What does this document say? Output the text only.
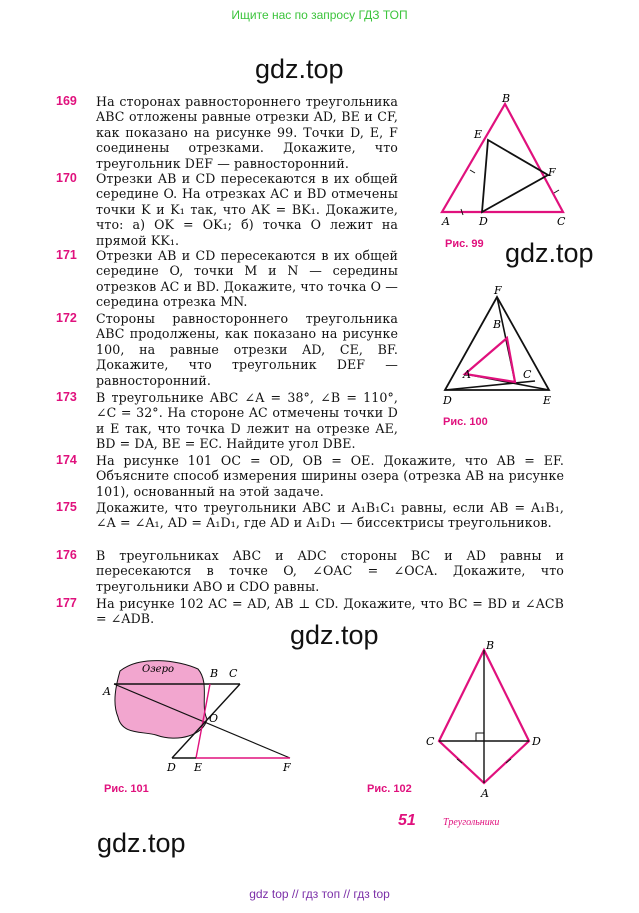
Ищите нас по запросу ГДЗ ТОП
gdz.top
gdz.top
gdz.top
gdz.top
169	На сторонах равностороннего треугольника ABC отложены равные отрезки AD, BE и CF, как показано на рисунке 99. Точки D, E, F соединены отрезками. Докажите, что треугольник DEF — равносторонний.
170	Отрезки AB и CD пересекаются в их общей середине O. На отрезках AC и BD отмечены точки K и K₁ так, что AK = BK₁. Докажите, что: а) OK = OK₁; б) точка O лежит на прямой KK₁.
171	Отрезки AB и CD пересекаются в их общей середине O, точки M и N — середины отрезков AC и BD. Докажите, что точка O — середина отрезка MN.
172	Стороны равностороннего треугольника ABC продолжены, как показано на рисунке 100, на равные отрезки AD, CE, BF. Докажите, что треугольник DEF — равносторонний.
173	В треугольнике ABC ∠A = 38°, ∠B = 110°, ∠C = 32°. На стороне AC отмечены точки D и E так, что точка D лежит на отрезке AE, BD = DA, BE = EC. Найдите угол DBE.
174	На рисунке 101 OC = OD, OB = OE. Докажите, что AB = EF. Объясните способ измерения ширины озера (отрезка AB на рисунке 101), основанный на этой задаче.
175	Докажите, что треугольники ABC и A₁B₁C₁ равны, если AB = A₁B₁, ∠A = ∠A₁, AD = A₁D₁, где AD и A₁D₁ — биссектрисы треугольников.
176	В треугольниках ABC и ADC стороны BC и AD равны и пересекаются в точке O, ∠OAC = ∠OCA. Докажите, что треугольники ABO и CDO равны.
177	На рисунке 102 AC = AD, AB ⊥ CD. Докажите, что BC = BD и ∠ACB = ∠ADB.
B
E
F
A	D	C
Рис. 99
F
B
A	C
D	E
Рис. 100
Озеро
A
B C
O
D E	F
Рис. 101
B
C	D
A
Рис. 102
51	Треугольники
gdz top // гдз топ // гдз top
